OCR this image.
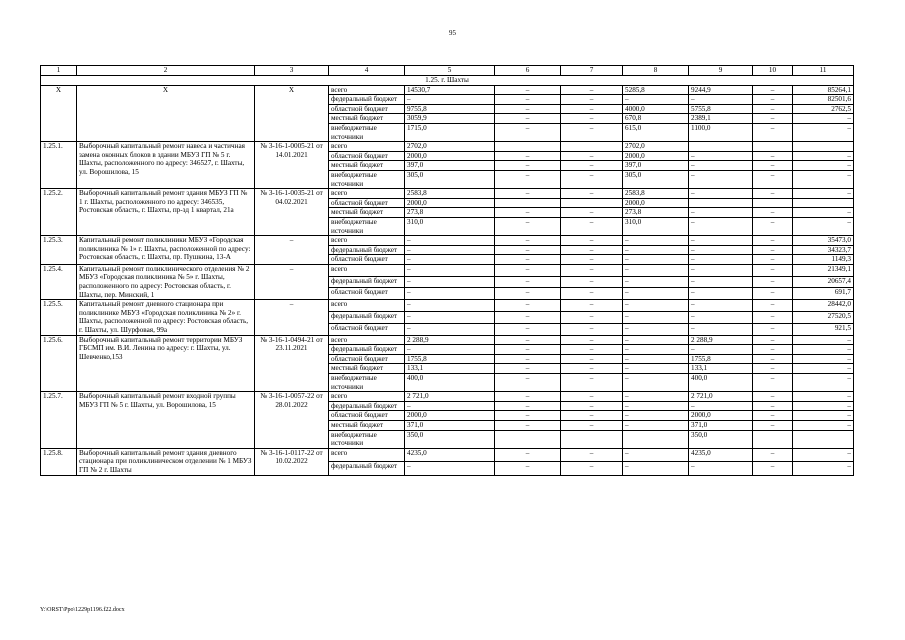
95
1	2	3	4	5	6	7	8	9	10	11
1.25. г. Шахты										
X	X	X	всего	14530,7	–	–	5285,8	9244,9	–	85264,1
			федеральный бюджет	–	–	–	–	–	–	82501,6
			областной бюджет	9755,8	–	–	4000,0	5755,8	–	2762,5
			местный бюджет	3059,9	–	–	670,8	2389,1	–	–
			внебюджетные источники	1715,0	–	–	615,0	1100,0	–	–
1.25.1.	Выборочный капитальный ремонт навеса и частичная замена оконных блоков в здании МБУЗ ГП № 5 г. Шахты, расположенного по адресу: 346527, г. Шахты, ул. Ворошилова, 15	№ 3-16-1-0005-21 от 14.01.2021	всего	2702,0			2702,0			
			областной бюджет	2000,0	–	–	2000,0	–	–	–
			местный бюджет	397,0	–	–	397,0	–	–	–
			внебюджетные источники	305,0	–	–	305,0	–	–	–
1.25.2.	Выборочный капитальный ремонт здания МБУЗ ГП № 1 г. Шахты, расположенного по адресу: 346535, Ростовская область, г. Шахты, пр-зд 1 квартал, 21а	№ 3-16-1-0035-21 от 04.02.2021	всего	2583,8	–	–	2583,8	–	–	–
			областной бюджет	2000,0			2000,0			
			местный бюджет	273,8	–	–	273,8	–	–	–
			внебюджетные источники	310,0	–	–	310,0	–	–	–
1.25.3.	Капитальный ремонт поликлиники МБУЗ «Городская поликлиника № 1» г. Шахты, расположенной по адресу: Ростовская область, г. Шахты, пр. Пушкина, 13-А	–	всего	–	–	–	–	–	–	35473,0
			федеральный бюджет	–	–	–	–	–	–	34323,7
			областной бюджет	–	–	–	–	–	–	1149,3
1.25.4.	Капитальный ремонт поликлинического отделения № 2 МБУЗ «Городская поликлиника № 5» г. Шахты, расположенного по адресу: Ростовская область, г. Шахты, пер. Минский, 1	–	всего	–	–	–	–	–	–	21349,1
			федеральный бюджет	–	–	–	–	–	–	20657,4
			областной бюджет	–	–	–	–	–	–	691,7
1.25.5.	Капитальный ремонт дневного стационара при поликлинике МБУЗ «Городская поликлиника № 2» г. Шахты, расположенной по адресу: Ростовская область, г. Шахты, ул. Шурфовая, 99а	–	всего	–	–	–	–	–	–	28442,0
			федеральный бюджет	–	–	–	–	–	–	27520,5
			областной бюджет	–	–	–	–	–	–	921,5
1.25.6.	Выборочный капитальный ремонт территории МБУЗ ГБСМП им. В.И. Ленина по адресу: г. Шахты, ул. Шевченко,153	№ 3-16-1-0494-21 от 23.11.2021	всего	2 288,9	–	–	–	2 288,9	–	–
			федеральный бюджет	–	–	–	–	–	–	–
			областной бюджет	1755,8	–	–	–	1755,8	–	–
			местный бюджет	133,1	–	–	–	133,1	–	–
			внебюджетные источники	400,0	–	–	–	400,0	–	–
1.25.7.	Выборочный капитальный ремонт входной группы МБУЗ ГП № 5 г. Шахты, ул. Ворошилова, 15	№ 3-16-1-0057-22 от 28.01.2022	всего	2 721,0	–	–	–	2 721,0	–	–
			федеральный бюджет	–	–	–	–	–	–	–
			областной бюджет	2000,0	–	–	–	2000,0	–	–
			местный бюджет	371,0	–	–	–	371,0	–	–
			внебюджетные источники	350,0				350,0		
1.25.8.	Выборочный капитальный ремонт здания дневного стационара при поликлиническом отделении № 1 МБУЗ ГП № 2 г. Шахты	№ 3-16-1-0117-22 от 10.02.2022	всего	4235,0	–	–	–	4235,0	–	–
			федеральный бюджет	–	–	–	–	–	–	–
Y:\ORST\Ppo\1229p1196.f22.docx
